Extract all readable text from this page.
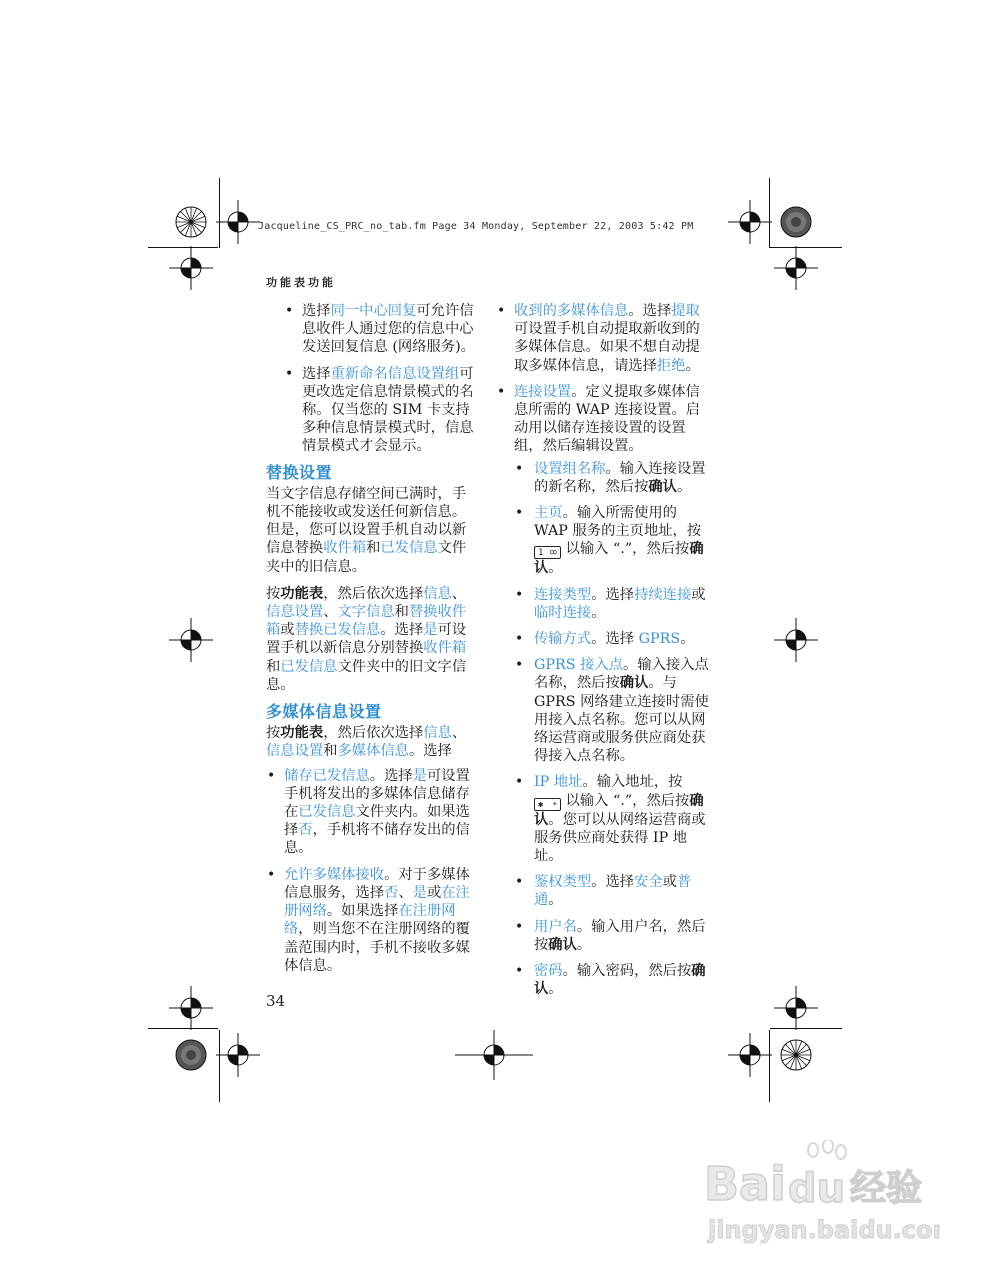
Jacqueline_CS_PRC_no_tab.fm Page 34 Monday, September 22, 2003 5:42 PM
功能表功能
• 选择同一中心回复可允许信息收件人通过您的信息中心发送回复信息 (网络服务)。
• 选择重新命名信息设置组可更改选定信息情景模式的名称。仅当您的 SIM 卡支持多种信息情景模式时，信息情景模式才会显示。
替换设置

当文字信息存储空间已满时，手机不能接收或发送任何新信息。但是，您可以设置手机自动以新信息替换收件箱和已发信息文件夹中的旧信息。

按功能表，然后依次选择信息、信息设置、文字信息和替换收件箱或替换已发信息。选择是可设置手机以新信息分别替换收件箱和已发信息文件夹中的旧文字信息。

多媒体信息设置

按功能表，然后依次选择信息、信息设置和多媒体信息。选择

• 储存已发信息。选择是可设置手机将发出的多媒体信息储存在已发信息文件夹内。如果选择否，手机将不储存发出的信息。
• 允许多媒体接收。对于多媒体信息服务，选择否、是或在注册网络。如果选择在注册网络，则当您不在注册网络的覆盖范围内时，手机不接收多媒体信息。
• 收到的多媒体信息。选择提取可设置手机自动提取新收到的多媒体信息。如果不想自动提取多媒体信息，请选择拒绝。
• 连接设置。定义提取多媒体信息所需的 WAP 连接设置。启动用以储存连接设置的设置组，然后编辑设置。
• 设置组名称。输入连接设置的新名称，然后按确认。
• 主页。输入所需使用的 WAP 服务的主页地址，按
1 ꝏ 以输入 “.”，然后按确认。
• 连接类型。选择持续连接或临时连接。
• 传输方式。选择 GPRS。
• GPRS 接入点。输入接入点名称，然后按确认。与 GPRS 网络建立连接时需使用接入点名称。您可以从网络运营商或服务供应商处获得接入点名称。
• IP 地址。输入地址，按
✱ + 以输入 “.”，然后按确认。您可以从网络运营商或服务供应商处获得 IP 地址。
• 鉴权类型。选择安全或普通。
• 用户名。输入用户名，然后按确认。
• 密码。输入密码，然后按确
认。
34
Bai du 经验
jingyan.baidu.com
